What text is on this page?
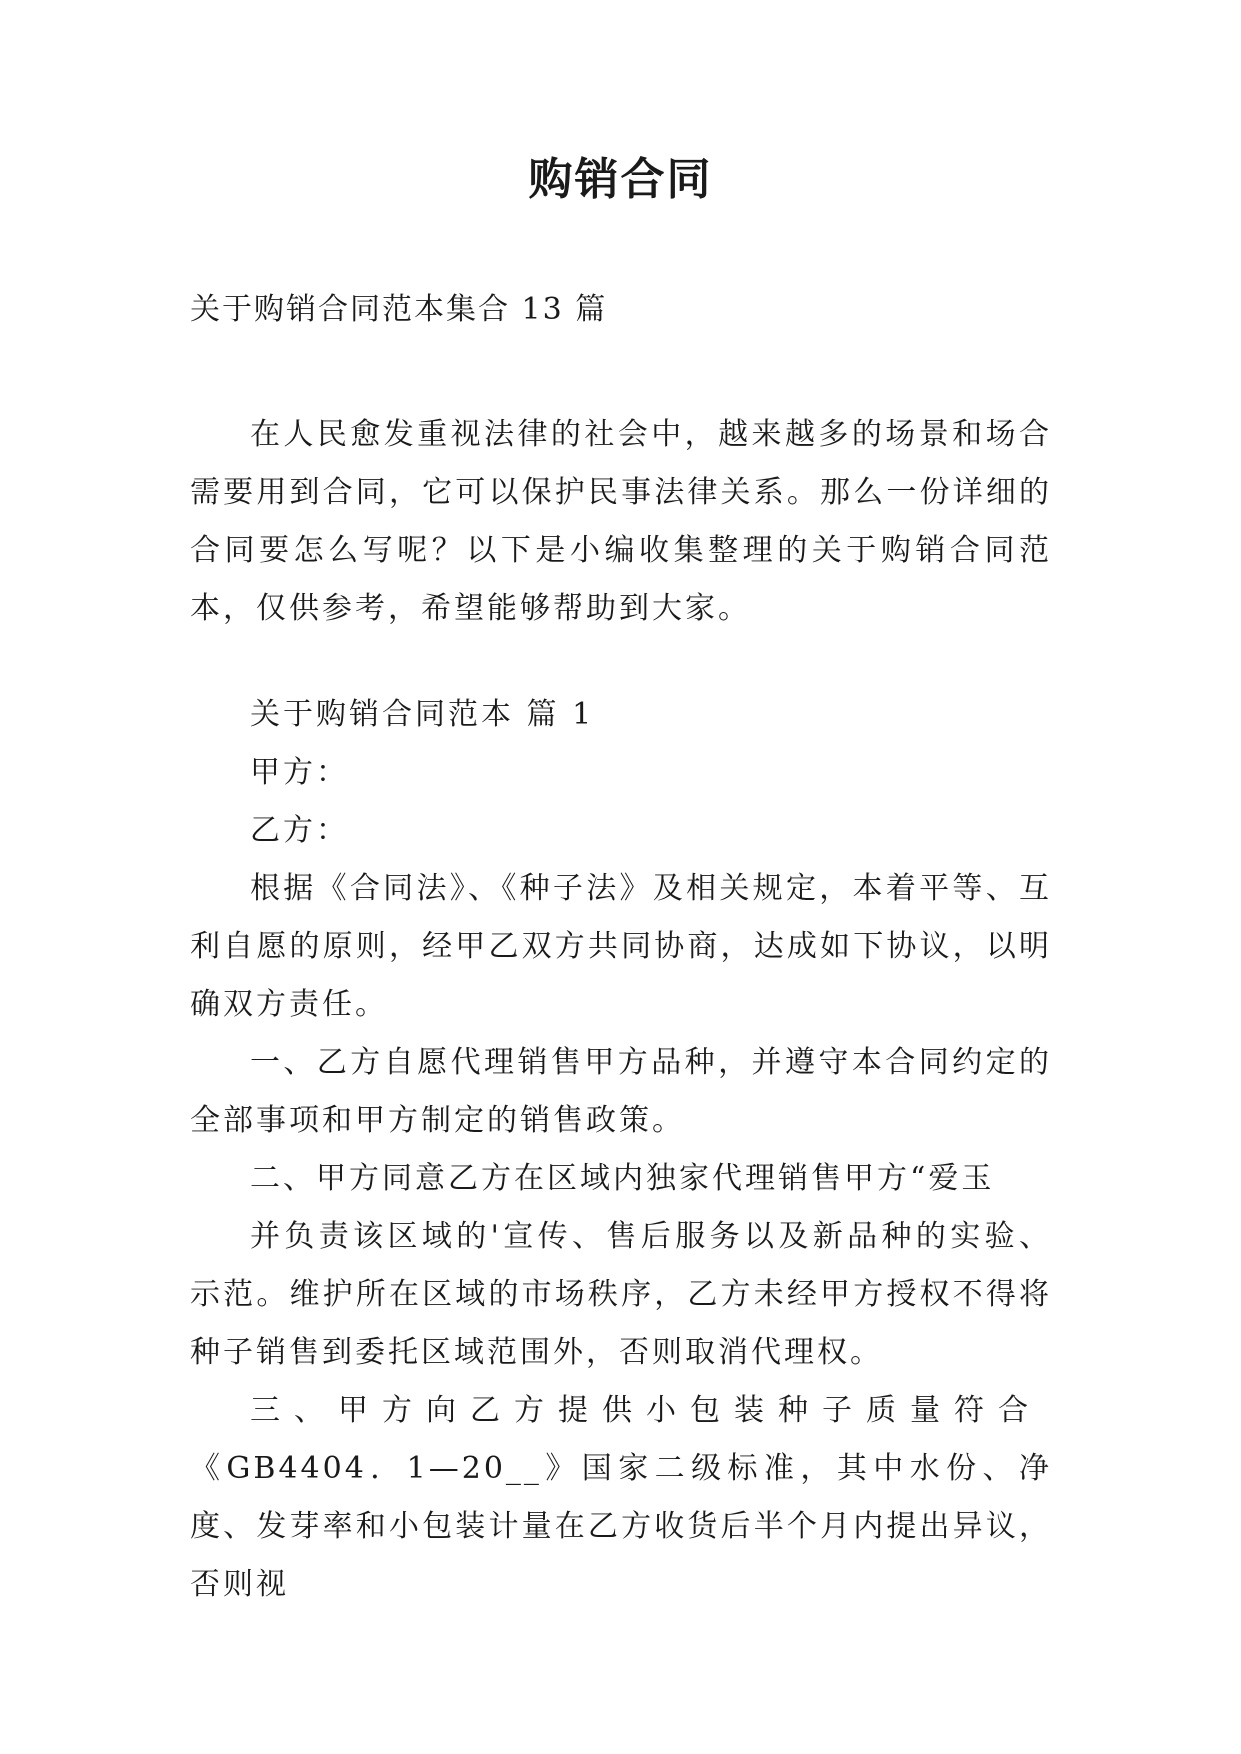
购销合同
关于购销合同范本集合 13 篇

在人民愈发重视法律的社会中，越来越多的场景和场合需要用到合同，它可以保护民事法律关系。那么一份详细的合同要怎么写呢？以下是小编收集整理的关于购销合同范本，仅供参考，希望能够帮助到大家。

关于购销合同范本 篇 1

甲方：

乙方：

根据《合同法》、《种子法》及相关规定，本着平等、互利自愿的原则，经甲乙双方共同协商，达成如下协议，以明确双方责任。

一、乙方自愿代理销售甲方品种，并遵守本合同约定的全部事项和甲方制定的销售政策。

二、甲方同意乙方在区域内独家代理销售甲方“爱玉

并负责该区域的'宣传、售后服务以及新品种的实验、示范。维护所在区域的市场秩序，乙方未经甲方授权不得将种子销售到委托区域范围外，否则取消代理权。

三、甲方向乙方提供小包装种子质量符合

《GB4404．1—20__》国家二级标准，其中水份、净度、发芽率和小包装计量在乙方收货后半个月内提出异议，否则视
